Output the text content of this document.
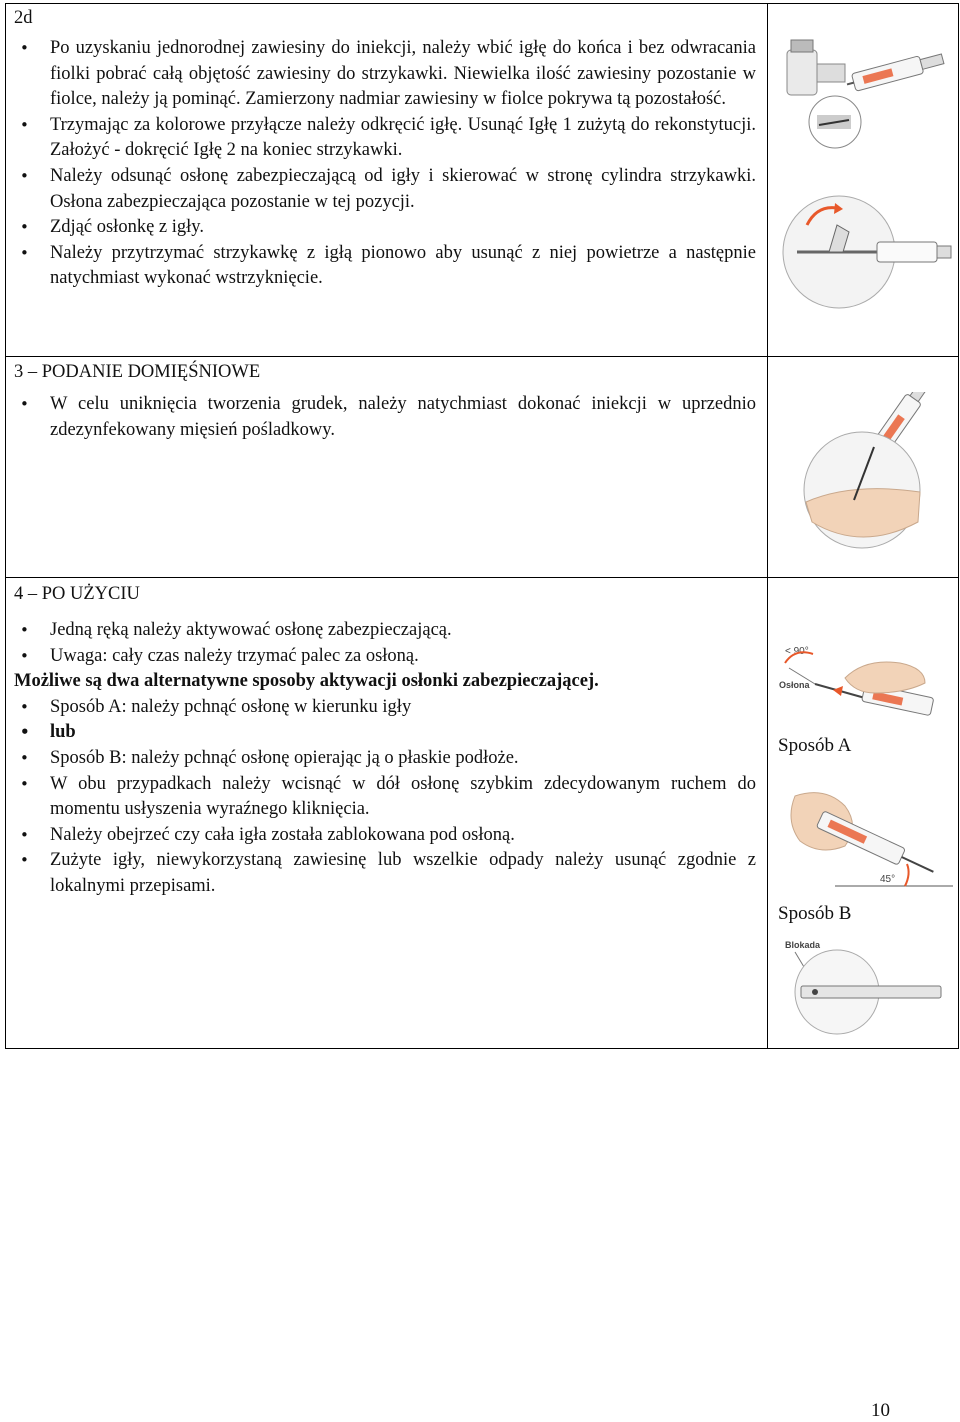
2d
• Po uzyskaniu jednorodnej zawiesiny do iniekcji, należy wbić igłę do końca i bez odwracania fiolki pobrać całą objętość zawiesiny do strzykawki. Niewielka ilość zawiesiny pozostanie w fiolce, należy ją pominąć. Zamierzony nadmiar zawiesiny w fiolce pokrywa tą pozostałość.
• Trzymając za kolorowe przyłącze należy odkręcić igłę. Usunąć Igłę 1 zużytą do rekonstytucji. Założyć - dokręcić Igłę 2 na koniec strzykawki.
• Należy odsunąć osłonę zabezpieczającą od igły i skierować w stronę cylindra strzykawki. Osłona zabezpieczająca pozostanie w tej pozycji.
• Zdjąć osłonkę z igły.
• Należy przytrzymać strzykawkę z igłą pionowo aby usunąć z niej powietrze a następnie natychmiast wykonać wstrzyknięcie.
3 – PODANIE DOMIĘŚNIOWE
• W celu uniknięcia tworzenia grudek, należy natychmiast dokonać iniekcji w uprzednio zdezynfekowany mięsień pośladkowy.
4 – PO UŻYCIU
• Jedną ręką należy aktywować osłonę zabezpieczającą.
• Uwaga: cały czas należy trzymać palec za osłoną.
Możliwe są dwa alternatywne sposoby aktywacji osłonki zabezpieczającej.
• Sposób A: należy pchnąć osłonę w kierunku igły
• lub
• Sposób B: należy pchnąć osłonę opierając ją o płaskie podłoże.
• W obu przypadkach należy wcisnąć w dół osłonę szybkim zdecydowanym ruchem do momentu usłyszenia wyraźnego kliknięcia.
• Należy obejrzeć czy cała igła została zablokowana pod osłoną.
• Zużyte igły, niewykorzystaną zawiesinę lub wszelkie odpady należy usunąć zgodnie z lokalnymi przepisami.
< 90°
Osłona
Sposób A
45°
Sposób B
Blokada
10
